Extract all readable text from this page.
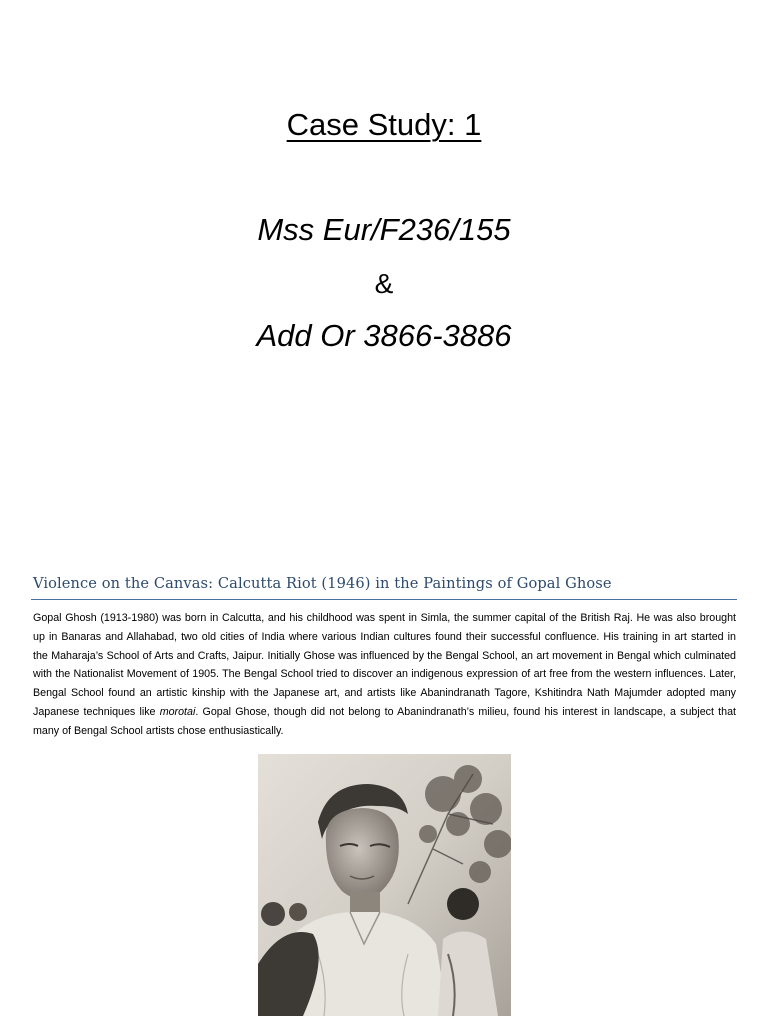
Case Study: 1
Mss Eur/F236/155
&
Add Or 3866-3886
Violence on the Canvas: Calcutta Riot (1946) in the Paintings of Gopal Ghose
Gopal Ghosh (1913-1980) was born in Calcutta, and his childhood was spent in Simla, the summer capital of the British Raj. He was also brought
up in Banaras and Allahabad, two old cities of India where various Indian cultures found their successful confluence. His training in art started in
the Maharaja’s School of Arts and Crafts, Jaipur. Initially Ghose was influenced by the Bengal School, an art movement in Bengal which culminated
with the Nationalist Movement of 1905. The Bengal School tried to discover an indigenous expression of art free from the western influences. Later,
Bengal School found an artistic kinship with the Japanese art, and artists like Abanindranath Tagore, Kshitindra Nath Majumder adopted many
Japanese techniques like morotai. Gopal Ghose, though did not belong to Abanindranath’s milieu, found his interest in landscape, a subject that
many of Bengal School artists chose enthusiastically.
